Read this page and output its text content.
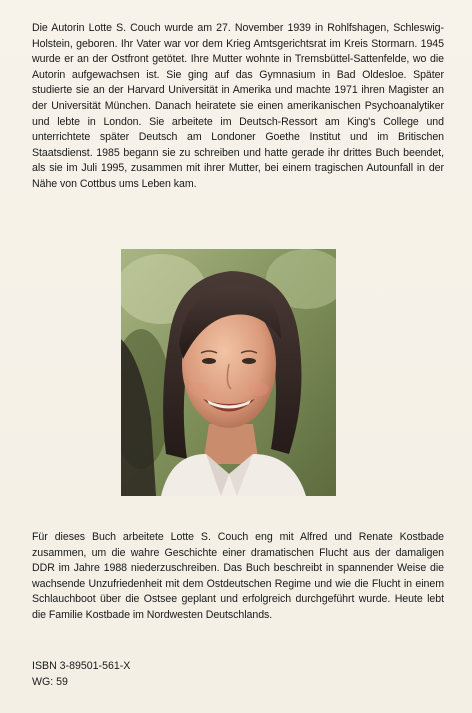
Die Autorin Lotte S. Couch wurde am 27. November 1939 in Rohlfshagen, Schleswig-Holstein, geboren. Ihr Vater war vor dem Krieg Amtsgerichtsrat im Kreis Stormarn. 1945 wurde er an der Ostfront getötet. Ihre Mutter wohnte in Tremsbüttel-Sattenfelde, wo die Autorin aufgewachsen ist. Sie ging auf das Gymnasium in Bad Oldesloe. Später studierte sie an der Harvard Universität in Amerika und machte 1971 ihren Magister an der Universität München. Danach heiratete sie einen amerikanischen Psychoanalytiker und lebte in London. Sie arbeitete im Deutsch-Ressort am King's College und unterrichtete später Deutsch am Londoner Goethe Institut und im Britischen Staatsdienst. 1985 begann sie zu schreiben und hatte gerade ihr drittes Buch beendet, als sie im Juli 1995, zusammen mit ihrer Mutter, bei einem tragischen Autounfall in der Nähe von Cottbus ums Leben kam.

Für dieses Buch arbeitete Lotte S. Couch eng mit Alfred und Renate Kostbade zusammen, um die wahre Geschichte einer dramatischen Flucht aus der damaligen DDR im Jahre 1988 niederzuschreiben. Das Buch beschreibt in spannender Weise die wachsende Unzufriedenheit mit dem Ostdeutschen Regime und wie die Flucht in einem Schlauchboot über die Ostsee geplant und erfolgreich durchgeführt wurde. Heute lebt die Familie Kostbade im Nordwesten Deutschlands.

ISBN 3-89501-561-X
WG: 59
